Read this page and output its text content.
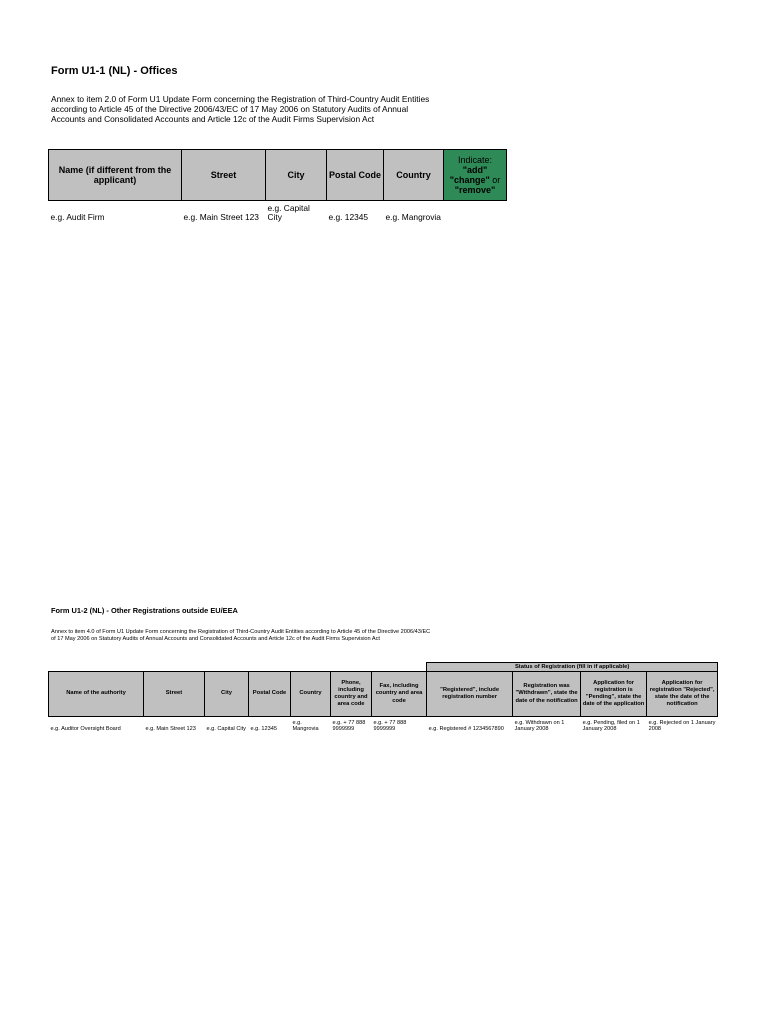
Form U1-1 (NL) - Offices
Annex to item 2.0 of Form U1 Update Form concerning the Registration of Third-Country Audit Entities according to Article 45 of the Directive 2006/43/EC of 17 May 2006 on Statutory Audits of Annual Accounts and Consolidated Accounts and Article 12c of the Audit Firms Supervision Act
Name (if different from the applicant)	Street	City	Postal Code	Country	Indicate:
"add"
"change" or
"remove"
e.g. Audit Firm	e.g. Main Street 123	e.g. Capital City	e.g. 12345	e.g. Mangrovia	
Form U1-2 (NL) - Other Registrations outside EU/EEA
Annex to item 4.0 of Form U1 Update Form concerning the Registration of Third-Country Audit Entities according to Article 45 of the Directive 2006/43/EC of 17 May 2006 on Statutory Audits of Annual Accounts and Consolidated Accounts and Article 12c of the Audit Firms Supervision Act
							Status of Registration (fill in if applicable)			
Name of the authority	Street	City	Postal Code	Country	Phone, including country and area code	Fax, including country and area code	"Registered", include registration number	Registration was "Withdrawn", state the date of the notification	Application for registration is "Pending", state the date of the application	Application for registration "Rejected", state the date of the notification
e.g. Auditor Oversight Board	e.g. Main Street 123	e.g. Capital City	e.g. 12345	e.g. Mangrovia	e.g. + 77 888 9999999	e.g. + 77 888 9999999	e.g. Registered # 1234567890	e.g. Withdrawn on 1 January 2008	e.g. Pending, filed on 1 January 2008	e.g. Rejected on 1 January 2008
